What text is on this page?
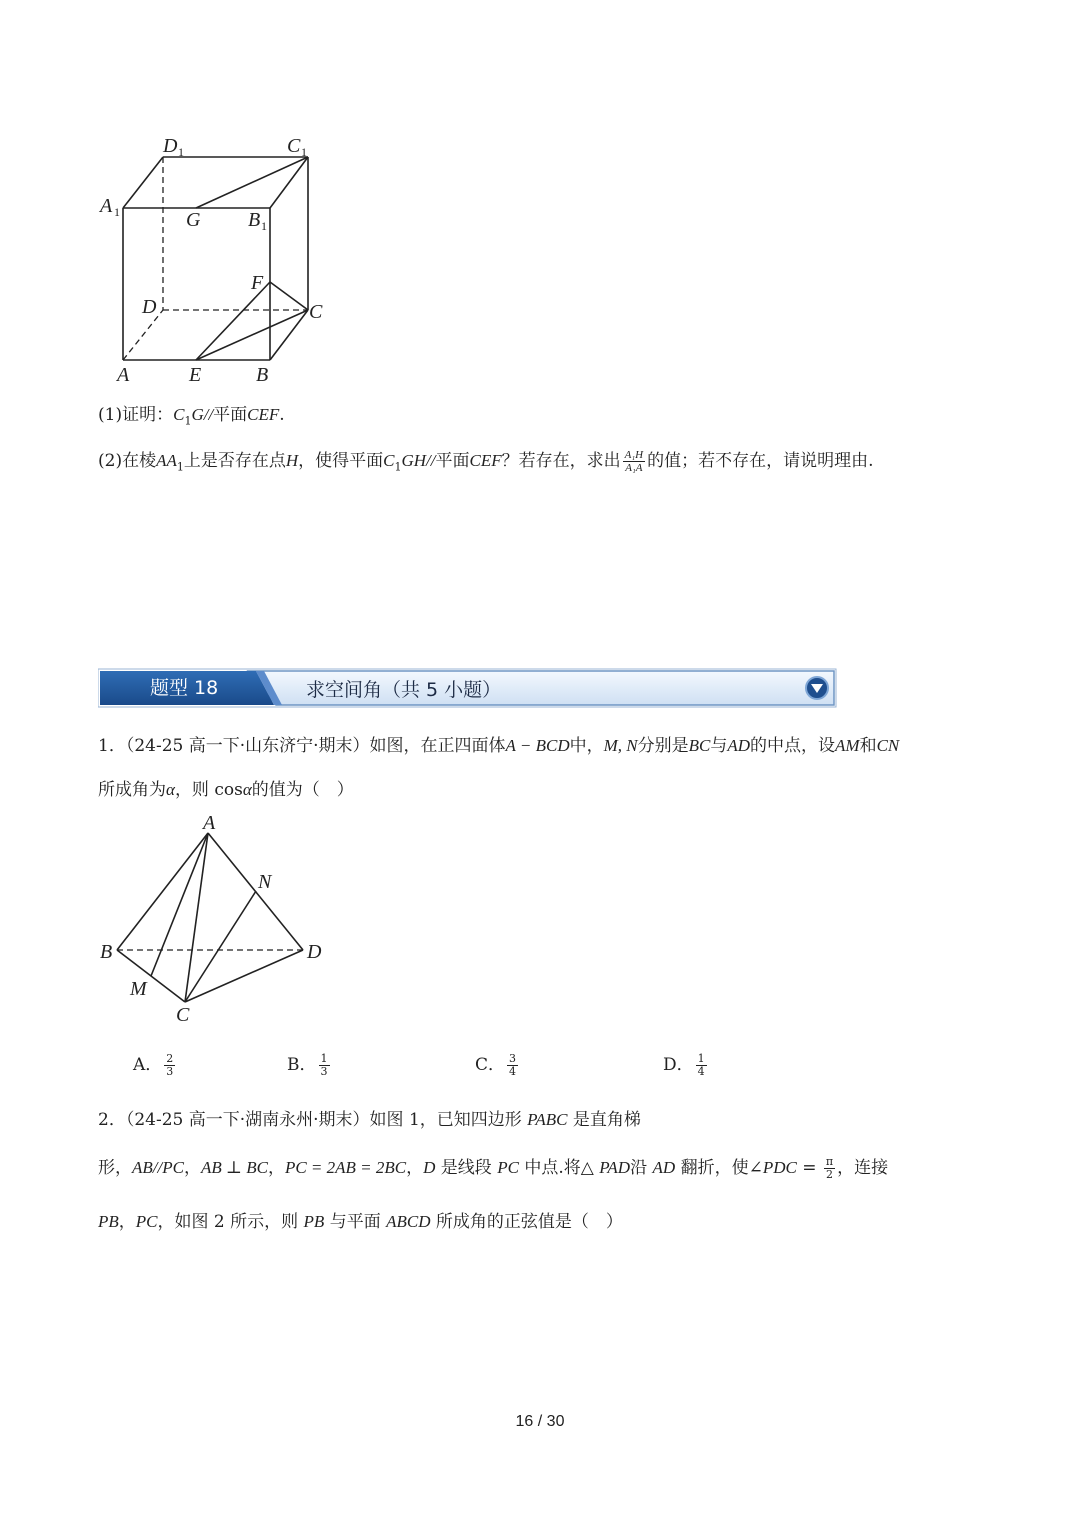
D 1	C 1
A 1	G B 1
F
D	C
A	E	B
(1)证明：$C_1G//$平面CEF.
(2)在棱$AA_1$上是否存在点H，使得平面$C_1GH//$平面CEF？若存在，求出 $\frac{\text{A₁H}}{\text{A₁A}}$ 的值；若不存在，请说明理由.
题型 18	求空间角（共 5 小题）
1．（24-25 高一下·山东济宁·期末）如图，在正四面体A − BCD中，M, N分别是BC与AD的中点，设AM和CN
所成角为α，则 cosα的值为（　）
A
N
B	D
M
C
A． $\frac{2}{3}$	B． $\frac{1}{3}$	C． $\frac{3}{4}$	D． $\frac{1}{4}$
2．（24-25 高一下·湖南永州·期末）如图 1，已知四边形 PABC 是直角梯
形，AB//PC，AB ⊥ BC，PC = 2AB = 2BC，D 是线段 PC 中点.将△ PAD沿 AD 翻折，使∠PDC = $\frac{\pi}{2}$ ，连接
PB，PC，如图 2 所示，则 PB 与平面 ABCD 所成角的正弦值是（　）
16 / 30
